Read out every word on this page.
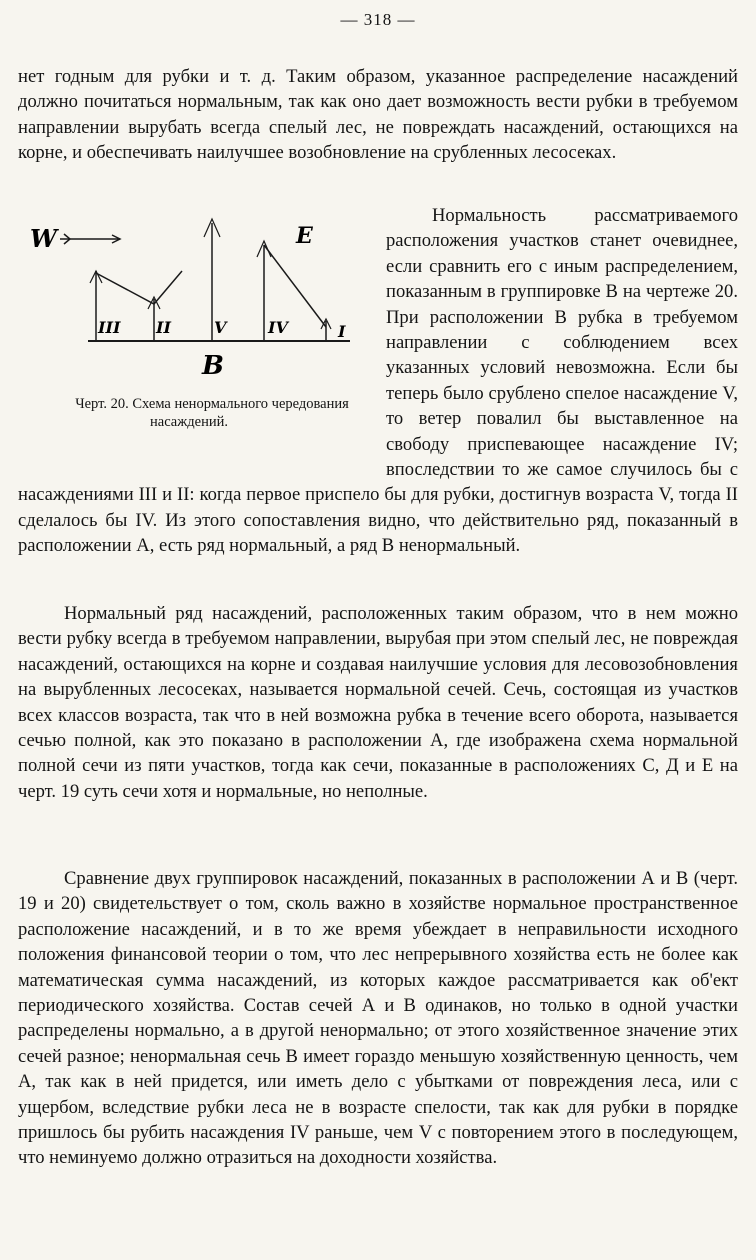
— 318 —

нет годным для рубки и т. д. Таким образом, указанное распределение насаждений должно почитаться нормальным, так как оно дает возможность вести рубки в требуемом направлении вырубать всегда спелый лес, не повреждать насаждений, остающихся на корне, и обеспечивать наилучшее возобновление на срубленных лесосеках.

W	E
B
III II	V	IV	I
Черт. 20. Схема ненормального чередования насаждений.
Нормальность рассматриваемого расположения участков станет очевиднее, если сравнить его с иным распределением, показанным в группировке В на чертеже 20. При расположении В рубка в требуемом направлении с соблюдением всех указанных условий невозможна. Если бы теперь было срублено спелое насаждение V, то ветер повалил бы выставленное на свободу приспевающее насаждение IV; впоследствии то же самое случилось бы с насаждениями III и II: когда первое приспело бы для рубки, достигнув возраста V, тогда II сделалось бы IV. Из этого сопоставления видно, что действительно ряд, показанный в расположении А, есть ряд нормальный, а ряд В ненормальный.

Нормальный ряд насаждений, расположенных таким образом, что в нем можно вести рубку всегда в требуемом направлении, вырубая при этом спелый лес, не повреждая насаждений, остающихся на корне и создавая наилучшие условия для лесовозобновления на вырубленных лесосеках, называется нормальной сечей. Сечь, состоящая из участков всех классов возраста, так что в ней возможна рубка в течение всего оборота, называется сечью полной, как это показано в расположении А, где изображена схема нормальной полной сечи из пяти участков, тогда как сечи, показанные в расположениях С, Д и Е на черт. 19 суть сечи хотя и нормальные, но неполные.

Сравнение двух группировок насаждений, показанных в расположении А и В (черт. 19 и 20) свидетельствует о том, сколь важно в хозяйстве нормальное пространственное расположение насаждений, и в то же время убеждает в неправильности исходного положения финансовой теории о том, что лес непрерывного хозяйства есть не более как математическая сумма насаждений, из которых каждое рассматривается как об'ект периодического хозяйства. Состав сечей А и В одинаков, но только в одной участки распределены нормально, а в другой ненормально; от этого хозяйственное значение этих сечей разное; ненормальная сечь В имеет гораздо меньшую хозяйственную ценность, чем А, так как в ней придется, или иметь дело с убытками от повреждения леса, или с ущербом, вследствие рубки леса не в возрасте спелости, так как для рубки в порядке пришлось бы рубить насаждения IV раньше, чем V с повторением этого в последующем, что неминуемо должно отразиться на доходности хозяйства.
